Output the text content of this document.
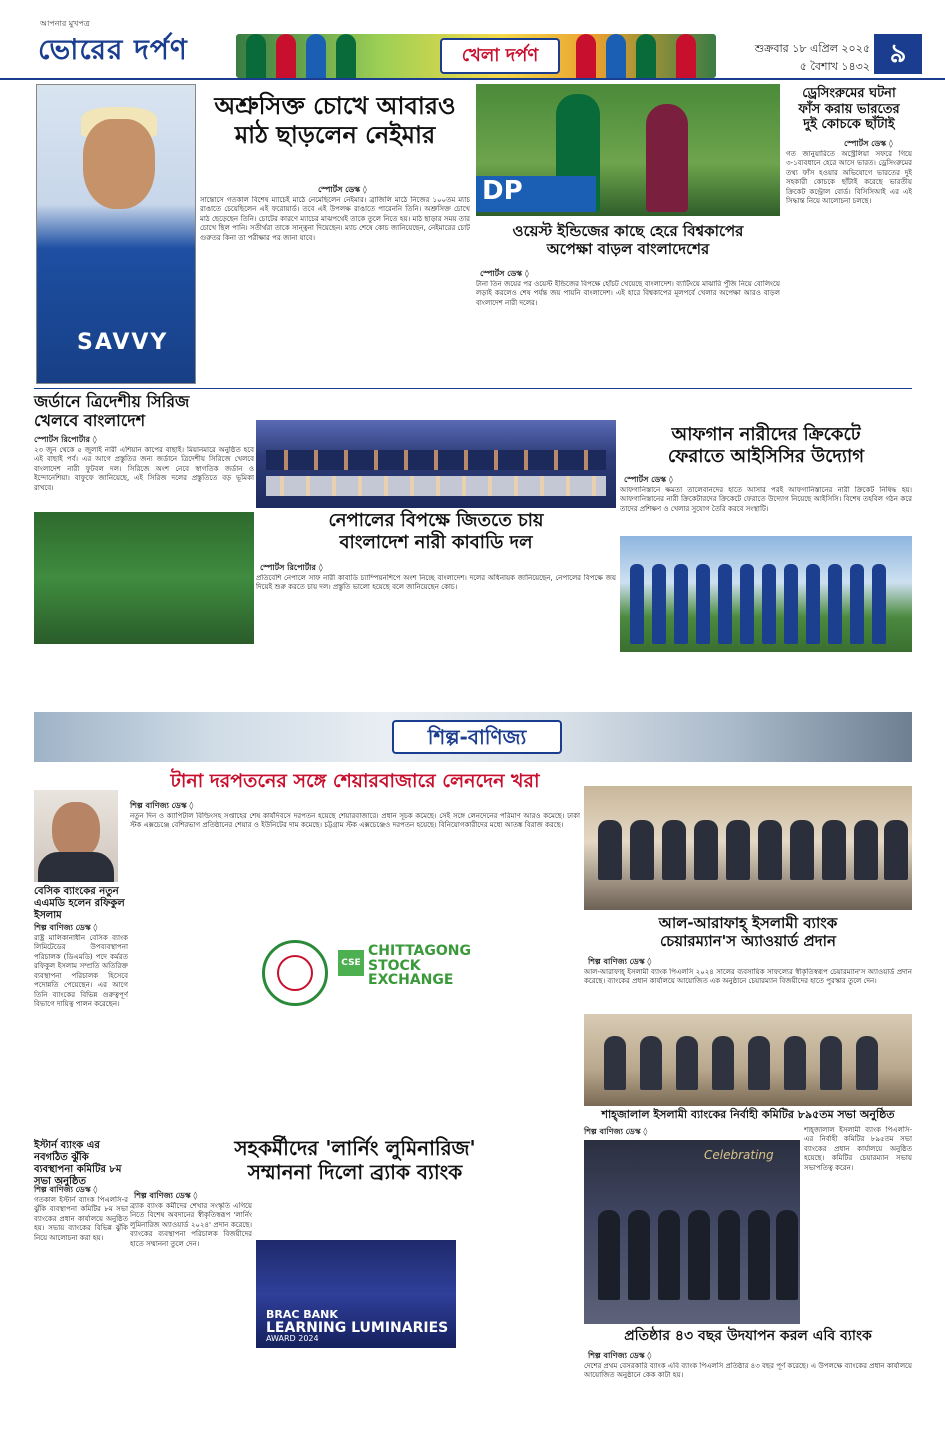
আপনার মুখপত্র
ভোরের দর্পণ	খেলা দর্পণ	শুক্রবার ১৮ এপ্রিল ২০২৫
৫ বৈশাখ ১৪৩২ ৯
SAVVY
অশ্রুসিক্ত চোখে আবারও
মাঠ ছাড়লেন নেইমার
স্পোর্টস ডেস্ক ◊
সান্তোসে গতকাল বিশেষ ম্যাচেই মাঠে নেমেছিলেন নেইমার। ব্রাজিলি মাঠে নিজের ১০০তম ম্যাচ রাঙাতে চেয়েছিলেন এই ফরোয়ার্ড। তবে এই উপলক্ষ রাঙাতে পারেননি তিনি। অশ্রুসিক্ত চোখে মাঠ ছেড়েছেন তিনি। চোটের কারণে ম্যাচের মাঝপথেই তাকে তুলে নিতে হয়। মাঠ ছাড়ার সময় তার চোখে ছিল পানি। সতীর্থরা তাকে সান্ত্বনা দিয়েছেন। ম্যাচ শেষে কোচ জানিয়েছেন, নেইমারের চোট গুরুতর কিনা তা পরীক্ষার পর জানা যাবে।
DP
ওয়েস্ট ইন্ডিজের কাছে হেরে বিশ্বকাপের
অপেক্ষা বাড়ল বাংলাদেশের
স্পোর্টস ডেস্ক ◊
টানা তিন জয়ের পর ওয়েস্ট ইন্ডিজের বিপক্ষে হোঁচট খেয়েছে বাংলাদেশ। ব্যাটিংয়ে মাঝারি পুঁজি নিয়ে বোলিংয়ে লড়াই করলেও শেষ পর্যন্ত জয় পায়নি বাংলাদেশ। এই হারে বিশ্বকাপের মূলপর্বে খেলার অপেক্ষা আরও বাড়ল বাংলাদেশ নারী দলের।
ড্রেসিংরুমের ঘটনা
ফাঁস করায় ভারতের
দুই কোচকে ছাঁটাই
স্পোর্টস ডেস্ক ◊
গত জানুয়ারিতে অস্ট্রেলিয়া সফরে গিয়ে ৩-১ব্যবধানে হেরে আসে ভারত। ড্রেসিংরুমের তথ্য ফাঁস হওয়ার অভিযোগে ভারতের দুই সহকারী কোচকে ছাঁটাই করেছে ভারতীয় ক্রিকেট কন্ট্রোল বোর্ড। বিসিসিআই এর এই সিদ্ধান্ত নিয়ে আলোচনা চলছে।
জর্ডানে ত্রিদেশীয় সিরিজ
খেলবে বাংলাদেশ
স্পোর্টস রিপোর্টার ◊
২৩ জুন থেকে ৫ জুলাই নারী এশিয়ান কাপের বাছাই। মিয়ানমারে অনুষ্ঠিত হবে এই বাছাই পর্ব। এর আগে প্রস্তুতির জন্য জর্ডানে ত্রিদেশীয় সিরিজে খেলবে বাংলাদেশ নারী ফুটবল দল। সিরিজে অংশ নেবে স্বাগতিক জর্ডান ও ইন্দোনেশিয়া। বাফুফে জানিয়েছে, এই সিরিজ দলের প্রস্তুতিতে বড় ভূমিকা রাখবে।
নেপালের বিপক্ষে জিততে চায়
বাংলাদেশ নারী কাবাডি দল
স্পোর্টস রিপোর্টার ◊
প্রতিবেশি নেপালে সাফ নারী কাবাডি চ্যাম্পিয়নশিপে অংশ নিচ্ছে বাংলাদেশ। দলের অধিনায়ক জানিয়েছেন, নেপালের বিপক্ষে জয় দিয়েই শুরু করতে চায় দল। প্রস্তুতি ভালো হয়েছে বলে জানিয়েছেন কোচ।
আফগান নারীদের ক্রিকেটে
ফেরাতে আইসিসির উদ্যোগ
স্পোর্টস ডেস্ক ◊
আফগানিস্তানে ক্ষমতা তালেবানদের হাতে আসার পরই আফগানিস্তানের নারী ক্রিকেট নিষিদ্ধ হয়। আফগানিস্তানের নারী ক্রিকেটারদের ক্রিকেটে ফেরাতে উদ্যোগ নিয়েছে আইসিসি। বিশেষ তহবিল গঠন করে তাদের প্রশিক্ষণ ও খেলার সুযোগ তৈরি করবে সংস্থাটি।
শিল্প-বাণিজ্য
টানা দরপতনের সঙ্গে শেয়ারবাজারে লেনদেন খরা
শিল্প বাণিজ্য ডেস্ক ◊
নতুন দিন ও ক্যাপিটাল বিল্ডিংসহ সপ্তাহের শেষ কার্যদিবসে দরপতন হয়েছে শেয়ারবাজারে। প্রধান সূচক কমেছে। সেই সঙ্গে লেনদেনের পরিমাণ আরও কমেছে। ঢাকা স্টক এক্সচেঞ্জে বেশিরভাগ প্রতিষ্ঠানের শেয়ার ও ইউনিটের দাম কমেছে। চট্টগ্রাম স্টক এক্সচেঞ্জেও দরপতন হয়েছে। বিনিয়োগকারীদের মধ্যে আতঙ্ক বিরাজ করছে।
CSE
CHITTAGONG
STOCK
EXCHANGE
বেসিক ব্যাংকের নতুন এএমডি হলেন রফিকুল ইসলাম
শিল্প বাণিজ্য ডেস্ক ◊
রাষ্ট্র মালিকানাধীন বেসিক ব্যাংক লিমিটেডের উপব্যবস্থাপনা পরিচালক (ডিএমডি) পদে কর্মরত রফিকুল ইসলাম সম্প্রতি অতিরিক্ত ব্যবস্থাপনা পরিচালক হিসেবে পদোন্নতি পেয়েছেন। এর আগে তিনি ব্যাংকের বিভিন্ন গুরুত্বপূর্ণ বিভাগে দায়িত্ব পালন করেছেন।
ইস্টার্ন ব্যাংক এর নবগঠিত ঝুঁকি ব্যবস্থাপনা কমিটির ৮ম সভা অনুষ্ঠিত
শিল্প বাণিজ্য ডেস্ক ◊
গতকাল ইস্টার্ন ব্যাংক পিএলসি-র ঝুঁকি ব্যবস্থাপনা কমিটির ৮ম সভা ব্যাংকের প্রধান কার্যালয়ে অনুষ্ঠিত হয়। সভায় ব্যাংকের বিভিন্ন ঝুঁকি নিয়ে আলোচনা করা হয়।
আল-আরাফাহ্ ইসলামী ব্যাংক
চেয়ারম্যান'স অ্যাওয়ার্ড প্রদান
শিল্প বাণিজ্য ডেস্ক ◊
আল-আরাফাহ্ ইসলামী ব্যাংক পিএলসি ২০২৪ সালের ব্যবসায়িক সাফল্যের স্বীকৃতিস্বরূপ চেয়ারম্যান'স অ্যাওয়ার্ড প্রদান করেছে। ব্যাংকের প্রধান কার্যালয়ে আয়োজিত এক অনুষ্ঠানে চেয়ারম্যান বিজয়ীদের হাতে পুরস্কার তুলে দেন।
শাহ্‌জালাল ইসলামী ব্যাংকের নির্বাহী কমিটির ৮৯৫তম সভা অনুষ্ঠিত
শিল্প বাণিজ্য ডেস্ক ◊	শাহ্‌জালাল ইসলামী ব্যাংক পিএলসি-এর নির্বাহী কমিটির ৮৯৫তম সভা ব্যাংকের প্রধান কার্যালয়ে অনুষ্ঠিত হয়েছে। কমিটির চেয়ারম্যান সভায় সভাপতিত্ব করেন।
Celebrating
প্রতিষ্ঠার ৪৩ বছর উদযাপন করল এবি ব্যাংক
শিল্প বাণিজ্য ডেস্ক ◊
দেশের প্রথম বেসরকারি ব্যাংক এবি ব্যাংক পিএলসি প্রতিষ্ঠার ৪৩ বছর পূর্ণ করেছে। এ উপলক্ষে ব্যাংকের প্রধান কার্যালয়ে আয়োজিত অনুষ্ঠানে কেক কাটা হয়।
সহকর্মীদের 'লার্নিং লুমিনারিজ'
সম্মাননা দিলো ব্র্যাক ব্যাংক
শিল্প বাণিজ্য ডেস্ক ◊
ব্র্যাক ব্যাংক কর্মীদের শেখার সংস্কৃতি এগিয়ে নিতে বিশেষ অবদানের স্বীকৃতিস্বরূপ 'লার্নিং লুমিনারিজ অ্যাওয়ার্ড ২০২৪' প্রদান করেছে। ব্যাংকের ব্যবস্থাপনা পরিচালক বিজয়ীদের হাতে সম্মাননা তুলে দেন।
BRAC BANK
LEARNING LUMINARIES
AWARD 2024
